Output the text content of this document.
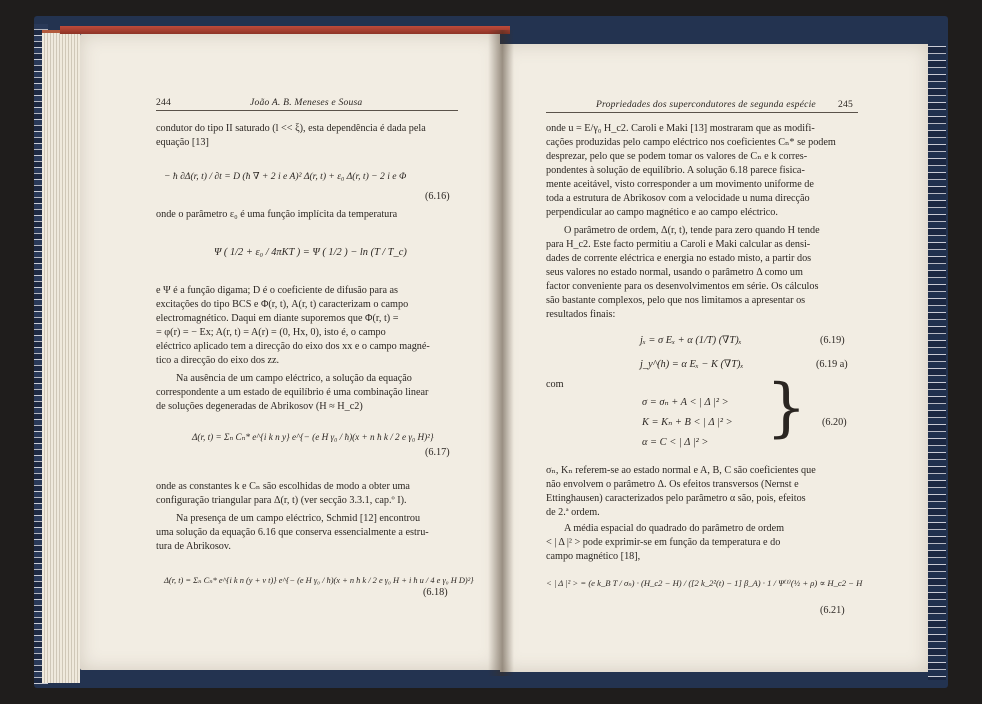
244	João A. B. Meneses e Sousa
condutor do tipo II saturado (l << ξ), esta dependência é dada pela
equação [13]
− ħ ∂Δ(r, t) / ∂t = D (ħ ∇ + 2 i e A)² Δ(r, t) + ε₀ Δ(r, t) − 2 i e Φ
(6.16)
onde o parâmetro ε₀ é uma função implícita da temperatura
Ψ ( 1/2 + ε₀ / 4πKT ) = Ψ ( 1/2 ) − ln (T / T_c)
e Ψ é a função digama; D é o coeficiente de difusão para as
excitações do tipo BCS e Φ(r, t), A(r, t) caracterizam o campo
electromagnético. Daqui em diante suporemos que Φ(r, t) =
= φ(r) = − Ex; A(r, t) = A(r) = (0, Hx, 0), isto é, o campo
eléctrico aplicado tem a direcção do eixo dos xx e o campo magné-
tico a direcção do eixo dos zz.
Na ausência de um campo eléctrico, a solução da equação
correspondente a um estado de equilíbrio é uma combinação linear
de soluções degeneradas de Abrikosov (H ≈ H_c2)
Δ(r, t) = Σₙ Cₙ* e^{i k n y} e^{− (e H γ₀ / ħ)(x + n ħ k / 2 e γ₀ H)²}
(6.17)
onde as constantes k e Cₙ são escolhidas de modo a obter uma
configuração triangular para Δ(r, t) (ver secção 3.3.1, cap.º I).
Na presença de um campo eléctrico, Schmid [12] encontrou
uma solução da equação 6.16 que conserva essencialmente a estru-
tura de Abrikosov.
Δ(r, t) = Σₙ Cₙ* e^{i k n (y + v t)} e^{− (e H γ₀ / ħ)(x + n ħ k / 2 e γ₀ H + i ħ u / 4 e γ₀ H D)²}
(6.18)
Propriedades dos supercondutores de segunda espécie 245
onde u = E/γ₀ H_c2. Caroli e Maki [13] mostraram que as modifi-
cações produzidas pelo campo eléctrico nos coeficientes Cₙ* se podem
desprezar, pelo que se podem tomar os valores de Cₙ e k corres-
pondentes à solução de equilíbrio. A solução 6.18 parece fisica-
mente aceitável, visto corresponder a um movimento uniforme de
toda a estrutura de Abrikosov com a velocidade u numa direcção
perpendicular ao campo magnético e ao campo eléctrico.
O parâmetro de ordem, Δ(r, t), tende para zero quando H tende
para H_c2. Este facto permitiu a Caroli e Maki calcular as densi-
dades de corrente eléctrica e energia no estado misto, a partir dos
seus valores no estado normal, usando o parâmetro Δ como um
factor conveniente para os desenvolvimentos em série. Os cálculos
são bastante complexos, pelo que nos limitamos a apresentar os
resultados finais:
jₓ = σ Eₓ + α (1/T) (∇T)ₓ	(6.19)
j_y^(h) = α Eₓ − K (∇T)ₓ	(6.19 a)
com
σ = σₙ + A < | Δ |² >
K = Kₙ + B < | Δ |² >
α = C < | Δ |² > } (6.20)
σₙ, Kₙ referem-se ao estado normal e A, B, C são coeficientes que
não envolvem o parâmetro Δ. Os efeitos transversos (Nernst e
Ettinghausen) caracterizados pelo parâmetro α são, pois, efeitos
de 2.ª ordem.
A média espacial do quadrado do parâmetro de ordem
< | Δ |² > pode exprimir-se em função da temperatura e do
campo magnético [18],
< | Δ |² > = (e k_B T / σₙ) · (H_c2 − H) / ([2 k_2²(t) − 1] β_A) · 1 / Ψ⁽¹⁾(½ + ρ) ∝ H_c2 − H
(6.21)
